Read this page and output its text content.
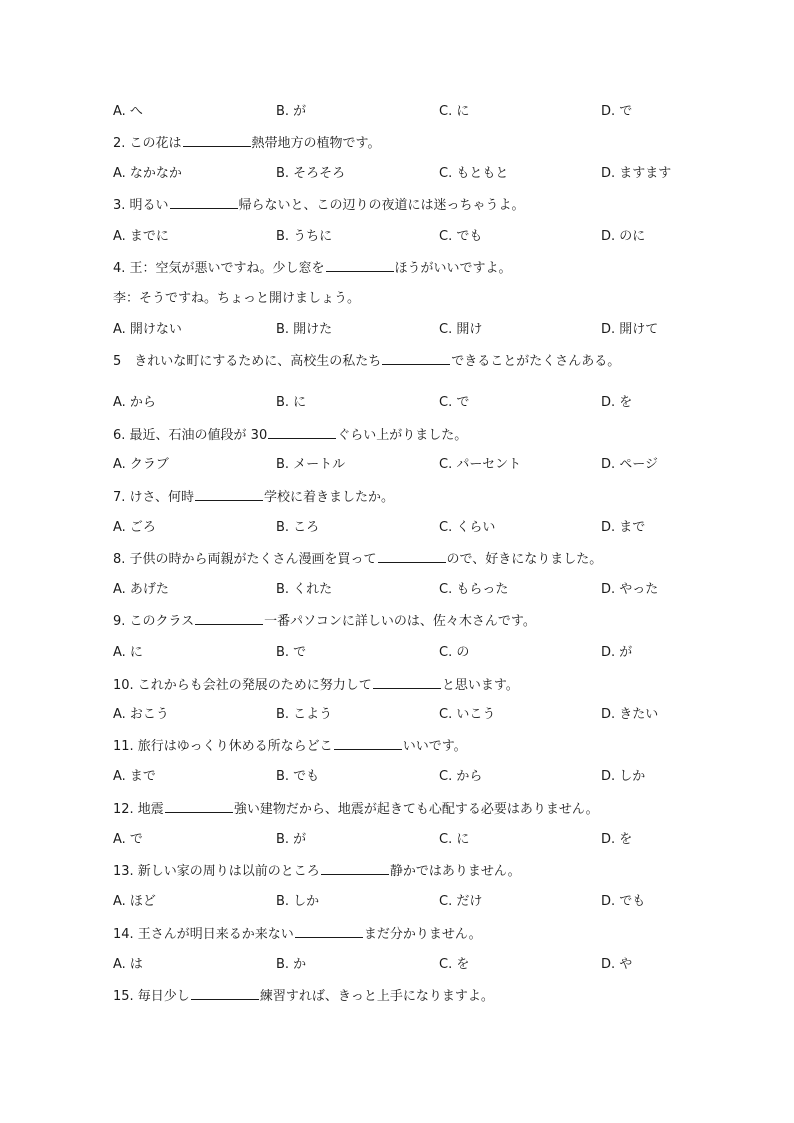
A. へ	B. が	C. に	D. で
2. この花は	熱帯地方の植物です。
A. なかなか	B. そろそろ	C. もともと	D. ますます
3. 明るい	帰らないと、この辺りの夜道には迷っちゃうよ。
A. までに	B. うちに	C. でも	D. のに
4. 王：空気が悪いですね。少し窓を	ほうがいいですよ。
李：そうですね。ちょっと開けましょう。
A. 開けない	B. 開けた	C. 開け	D. 開けて
5　きれいな町にするために、高校生の私たち	できることがたくさんある。
A. から	B. に	C. で	D. を
6. 最近、石油の値段が 30	ぐらい上がりました。
A. クラブ	B. メートル	C. パーセント	D. ページ
7. けさ、何時	学校に着きましたか。
A. ごろ	B. ころ	C. くらい	D. まで
8. 子供の時から両親がたくさん漫画を買って	ので、好きになりました。
A. あげた	B. くれた	C. もらった	D. やった
9. このクラス	一番パソコンに詳しいのは、佐々木さんです。
A. に	B. で	C. の	D. が
10. これからも会社の発展のために努力して	と思います。
A. おこう	B. こよう	C. いこう	D. きたい
11. 旅行はゆっくり休める所ならどこ	いいです。
A. まで	B. でも	C. から	D. しか
12. 地震	強い建物だから、地震が起きても心配する必要はありません。
A. で	B. が	C. に	D. を
13. 新しい家の周りは以前のところ	静かではありません。
A. ほど	B. しか	C. だけ	D. でも
14. 王さんが明日来るか来ない	まだ分かりません。
A. は	B. か	C. を	D. や
15. 毎日少し	練習すれば、きっと上手になりますよ。
